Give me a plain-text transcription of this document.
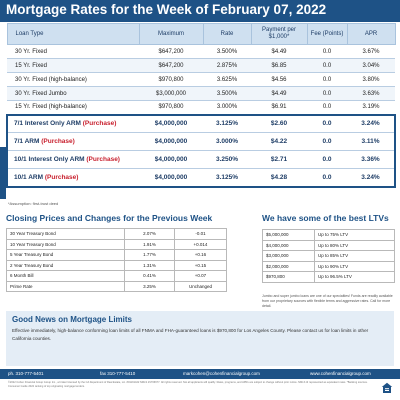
Mortgage Rates for the Week of February 07, 2022
Loan Type	Maximum	Rate	Payment per $1,000*	Fee (Points)	APR
30 Yr. Fixed	$647,200	3.500%	$4.49	0.0	3.67%
15 Yr. Fixed	$647,200	2.875%	$6.85	0.0	3.04%
30 Yr. Fixed (high-balance)	$970,800	3.625%	$4.56	0.0	3.80%
30 Yr. Fixed Jumbo	$3,000,000	3.500%	$4.49	0.0	3.63%
15 Yr. Fixed (high-balance)	$970,800	3.000%	$6.91	0.0	3.19%
7/1 Interest Only ARM (Purchase)	$4,000,000	3.125%	$2.60	0.0	3.24%
7/1 ARM (Purchase)	$4,000,000	3.000%	$4.22	0.0	3.11%
10/1 Interest Only ARM (Purchase)	$4,000,000	3.250%	$2.71	0.0	3.36%
10/1 ARM (Purchase)	$4,000,000	3.125%	$4.28	0.0	3.24%
*Assumption: first-trust deed
Closing Prices and Changes for the Previous Week	We have some of the best LTVs
30 Year Treasury Bond	2.07%	-0.01
10 Year Treasury Bond	1.91%	+0.014
5 Year Treasury Bond	1.77%	+0.16
2 Year Treasury Bond	1.31%	+0.15
6 Month Bill	0.41%	+0.07
Prime Rate	3.25%	Unchanged
$5,000,000	Up to 75% LTV
$4,000,000	Up to 80% LTV
$3,000,000	Up to 85% LTV
$2,000,000	Up to 90% LTV
$970,800	Up to 96.5% LTV
Jumbo and super jumbo loans are one of our specialties! Funds are readily available from our proprietary sources with flexible terms and aggressive rates. Call for more detail.
Good News on Mortgage Limits
Effective immediately, high-balance conforming loan limits of all FNMA and FHA-guaranteed loans is $970,800 for Los Angeles County. Please contact us for loan limits in other California counties.
ph. 310-777-5401	fax 310-777-5410	markcohen@cohenfinancialgroup.com	www.cohenfinancialgroup.com
©2022 Cohen Financial Group Group Inc., a broker licensed by the CA Department of Real Estate, Lic. #01191422 NMLS #1706677. All rights reserved. Not all applicants will qualify. Rates, programs, and APRs are subject to change without prior notice. NMLS Id represented as equivalent rates. *Banking sources. Consumer Guide 2022 ranking of top originating mortgage lenders.
